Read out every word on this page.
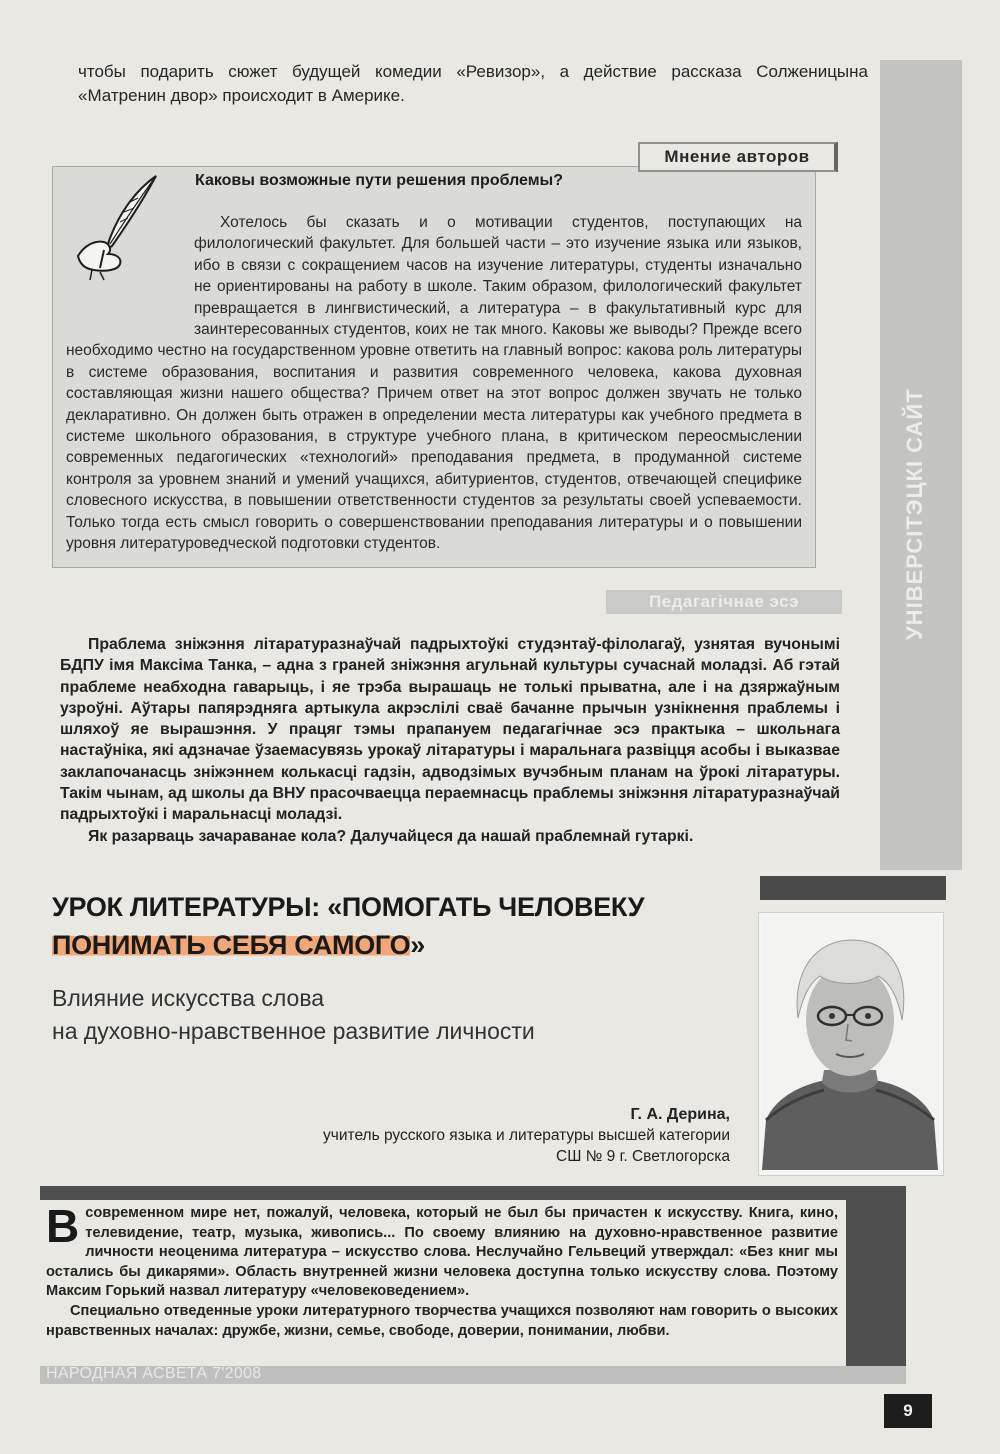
чтобы подарить сюжет будущей комедии «Ревизор», а действие рассказа Солженицына «Матренин двор» происходит в Америке.
Мнение авторов
Каковы возможные пути решения проблемы?

Хотелось бы сказать и о мотивации студентов, поступающих на филологический факультет. Для большей части – это изучение языка или языков, ибо в связи с сокращением часов на изучение литературы, студенты изначально не ориентированы на работу в школе. Таким образом, филологический факультет превращается в лингвистический, а литература – в факультативный курс для заинтересованных студентов, коих не так много. Каковы же выводы? Прежде всего необходимо честно на государственном уровне ответить на главный вопрос: какова роль литературы в системе образования, воспитания и развития современного человека, какова духовная составляющая жизни нашего общества? Причем ответ на этот вопрос должен звучать не только декларативно. Он должен быть отражен в определении места литературы как учебного предмета в системе школьного образования, в структуре учебного плана, в критическом переосмыслении современных педагогических «технологий» преподавания предмета, в продуманной системе контроля за уровнем знаний и умений учащихся, абитуриентов, студентов, отвечающей специфике словесного искусства, в повышении ответственности студентов за результаты своей успеваемости. Только тогда есть смысл говорить о совершенствовании преподавания литературы и о повышении уровня литературоведческой подготовки студентов.

Педагагічнае эсэ

Праблема зніжэння літаратуразнаўчай падрыхтоўкі студэнтаў-філолагаў, узнятая вучонымі БДПУ імя Максіма Танка, – адна з граней зніжэння агульнай культуры сучаснай моладзі. Аб гэтай праблеме неабходна гаварыць, і яе трэба вырашаць не толькі прыватна, але і на дзяржаўным узроўні. Аўтары папярэдняга артыкула акрэслілі сваё бачанне прычын узнікнення праблемы і шляхоў яе вырашэння. У працяг тэмы прапануем педагагічнае эсэ практыка – школьнага настаўніка, які адзначае ўзаемасувязь урокаў літаратуры і маральнага развіцця асобы і выказвае заклапочанасць зніжэннем колькасці гадзін, адводзімых вучэбным планам на ўрокі літаратуры. Такім чынам, ад школы да ВНУ прасочваецца пераемнасць праблемы зніжэння літаратуразнаўчай падрыхтоўкі і маральнасці моладзі.

Як разарваць зачараванае кола? Далучайцеся да нашай праблемнай гутаркі.

УРОК ЛИТЕРАТУРЫ: «ПОМОГАТЬ ЧЕЛОВЕКУ
ПОНИМАТЬ СЕБЯ САМОГО»
Влияние искусства слова
на духовно-нравственное развитие личности
Г. А. Дерина,
учитель русского языка и литературы высшей категории
СШ № 9 г. Светлогорска

Всовременном мире нет, пожалуй, человека, который не был бы причастен к искусству. Книга, кино, телевидение, театр, музыка, живопись... По своему влиянию на духовно-нравственное развитие личности неоценима литература – искусство слова. Неслучайно Гельвеций утверждал: «Без книг мы остались бы дикарями». Область внутренней жизни человека доступна только искусству слова. Поэтому Максим Горький назвал литературу «человековедением».

Специально отведенные уроки литературного творчества учащихся позволяют нам говорить о высоких нравственных началах: дружбе, жизни, семье, свободе, доверии, понимании, любви.

НАРОДНАЯ АСВЕТА 7'2008
9
